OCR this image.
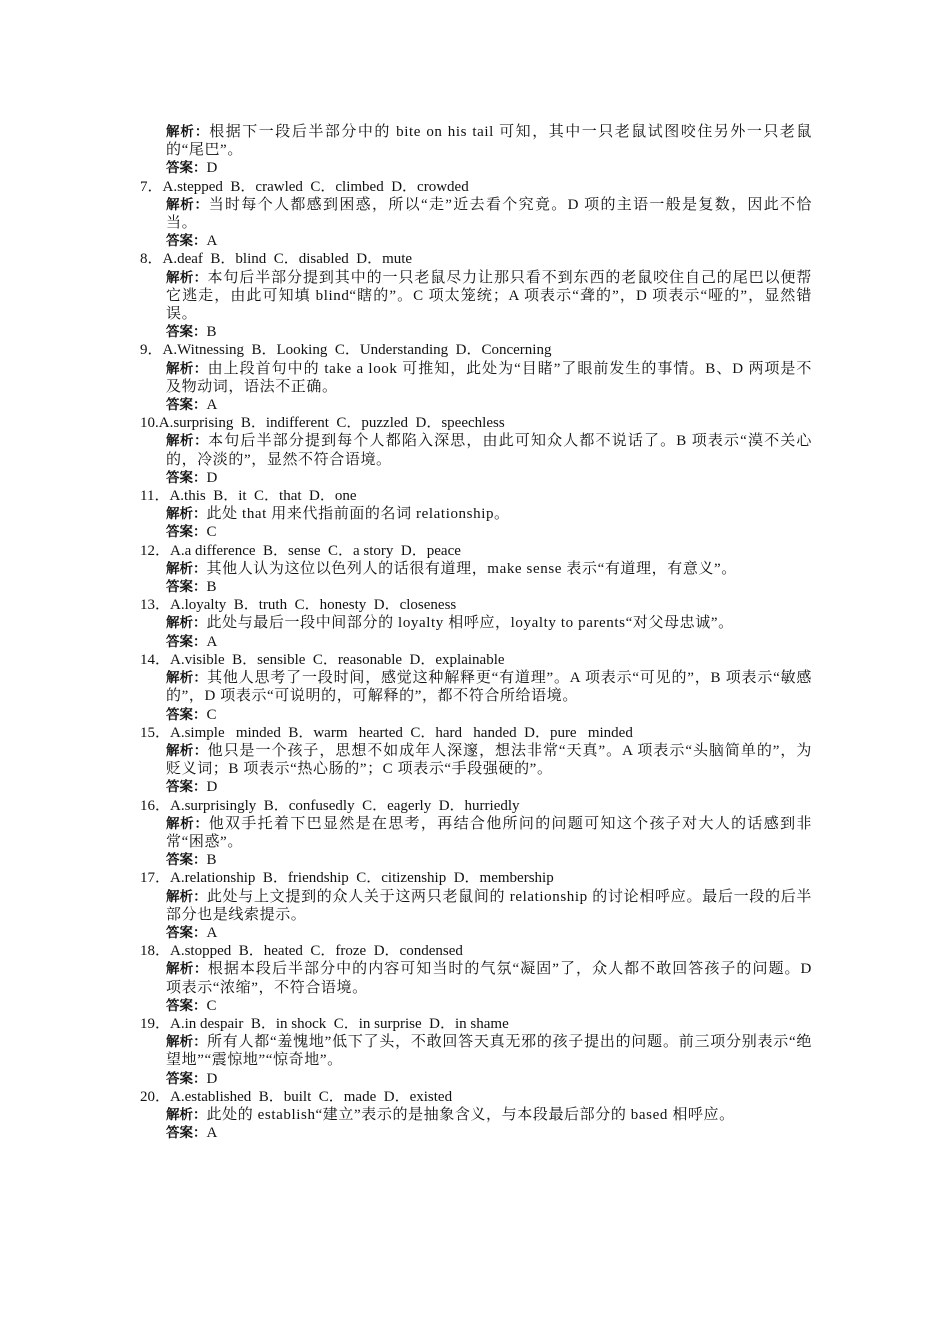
解析：根据下一段后半部分中的 bite on his tail 可知，其中一只老鼠试图咬住另外一只老鼠的“尾巴”。
答案：D
7．A.stepped  B．crawled  C．climbed  D．crowded
解析：当时每个人都感到困惑，所以“走”近去看个究竟。D 项的主语一般是复数，因此不恰当。
答案：A
8．A.deaf  B．blind  C．disabled  D．mute
解析：本句后半部分提到其中的一只老鼠尽力让那只看不到东西的老鼠咬住自己的尾巴以便帮它逃走，由此可知填 blind“瞎的”。C 项太笼统；A 项表示“聋的”，D 项表示“哑的”，显然错误。
答案：B
9．A.Witnessing  B．Looking  C．Understanding  D．Concerning
解析：由上段首句中的 take a look 可推知，此处为“目睹”了眼前发生的事情。B、D 两项是不及物动词，语法不正确。
答案：A
10.A.surprising  B．indifferent  C．puzzled  D．speechless
解析：本句后半部分提到每个人都陷入深思，由此可知众人都不说话了。B 项表示“漠不关心的，冷淡的”，显然不符合语境。
答案：D
11．A.this  B．it  C．that  D．one
解析：此处 that 用来代指前面的名词 relationship。
答案：C
12．A.a difference  B．sense  C．a story  D．peace
解析：其他人认为这位以色列人的话很有道理，make sense 表示“有道理，有意义”。
答案：B
13．A.loyalty  B．truth  C．honesty  D．closeness
解析：此处与最后一段中间部分的 loyalty 相呼应，loyalty to parents“对父母忠诚”。
答案：A
14．A.visible  B．sensible  C．reasonable  D．explainable
解析：其他人思考了一段时间，感觉这种解释更“有道理”。A 项表示“可见的”，B 项表示“敏感的”，D 项表示“可说明的，可解释的”，都不符合所给语境。
答案：C
15．A.simple   minded  B．warm   hearted  C．hard   handed  D．pure   minded
解析：他只是一个孩子，思想不如成年人深邃，想法非常“天真”。A 项表示“头脑简单的”，为贬义词；B 项表示“热心肠的”；C 项表示“手段强硬的”。
答案：D
16．A.surprisingly  B．confusedly  C．eagerly  D．hurriedly
解析：他双手托着下巴显然是在思考，再结合他所问的问题可知这个孩子对大人的话感到非常“困惑”。
答案：B
17．A.relationship  B．friendship  C．citizenship  D．membership
解析：此处与上文提到的众人关于这两只老鼠间的 relationship 的讨论相呼应。最后一段的后半部分也是线索提示。
答案：A
18．A.stopped  B．heated  C．froze  D．condensed
解析：根据本段后半部分中的内容可知当时的气氛“凝固”了，众人都不敢回答孩子的问题。D 项表示“浓缩”，不符合语境。
答案：C
19．A.in despair  B．in shock  C．in surprise  D．in shame
解析：所有人都“羞愧地”低下了头，不敢回答天真无邪的孩子提出的问题。前三项分别表示“绝望地”“震惊地”“惊奇地”。
答案：D
20．A.established  B．built  C．made  D．existed
解析：此处的 establish“建立”表示的是抽象含义，与本段最后部分的 based 相呼应。
答案：A
